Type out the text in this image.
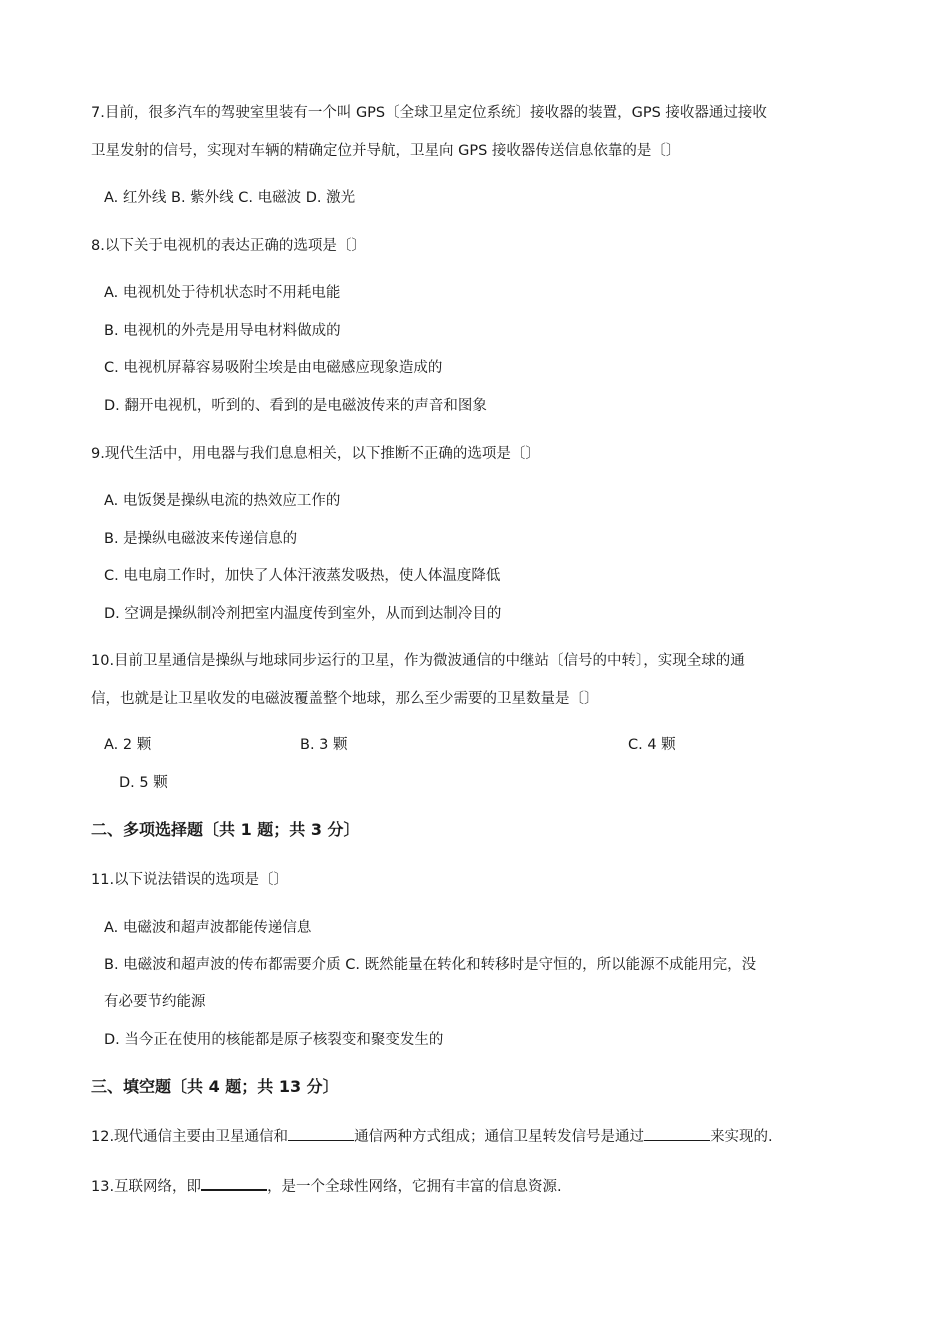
7.目前，很多汽车的驾驶室里装有一个叫 GPS〔全球卫星定位系统〕接收器的装置，GPS 接收器通过接收
卫星发射的信号，实现对车辆的精确定位并导航，卫星向 GPS 接收器传送信息依靠的是〔〕
A. 红外线 B. 紫外线 C. 电磁波 D. 激光
8.以下关于电视机的表达正确的选项是〔〕
A. 电视机处于待机状态时不用耗电能
B. 电视机的外壳是用导电材料做成的
C. 电视机屏幕容易吸附尘埃是由电磁感应现象造成的
D. 翻开电视机，听到的、看到的是电磁波传来的声音和图象
9.现代生活中，用电器与我们息息相关，以下推断不正确的选项是〔〕
A. 电饭煲是操纵电流的热效应工作的
B. 是操纵电磁波来传递信息的
C. 电电扇工作时，加快了人体汗液蒸发吸热，使人体温度降低
D. 空调是操纵制冷剂把室内温度传到室外，从而到达制冷目的
10.目前卫星通信是操纵与地球同步运行的卫星，作为微波通信的中继站〔信号的中转〕，实现全球的通
信，也就是让卫星收发的电磁波覆盖整个地球，那么至少需要的卫星数量是〔〕
A. 2 颗	B. 3 颗	C. 4 颗
D. 5 颗
二、多项选择题〔共 1 题；共 3 分〕
11.以下说法错误的选项是〔〕
A. 电磁波和超声波都能传递信息
B. 电磁波和超声波的传布都需要介质 C. 既然能量在转化和转移时是守恒的，所以能源不成能用完，没
有必要节约能源
D. 当今正在使用的核能都是原子核裂变和聚变发生的
三、填空题〔共 4 题；共 13 分〕
12.现代通信主要由卫星通信和	通信两种方式组成；通信卫星转发信号是通过	来实现的.
13.互联网络，即	，是一个全球性网络，它拥有丰富的信息资源.
